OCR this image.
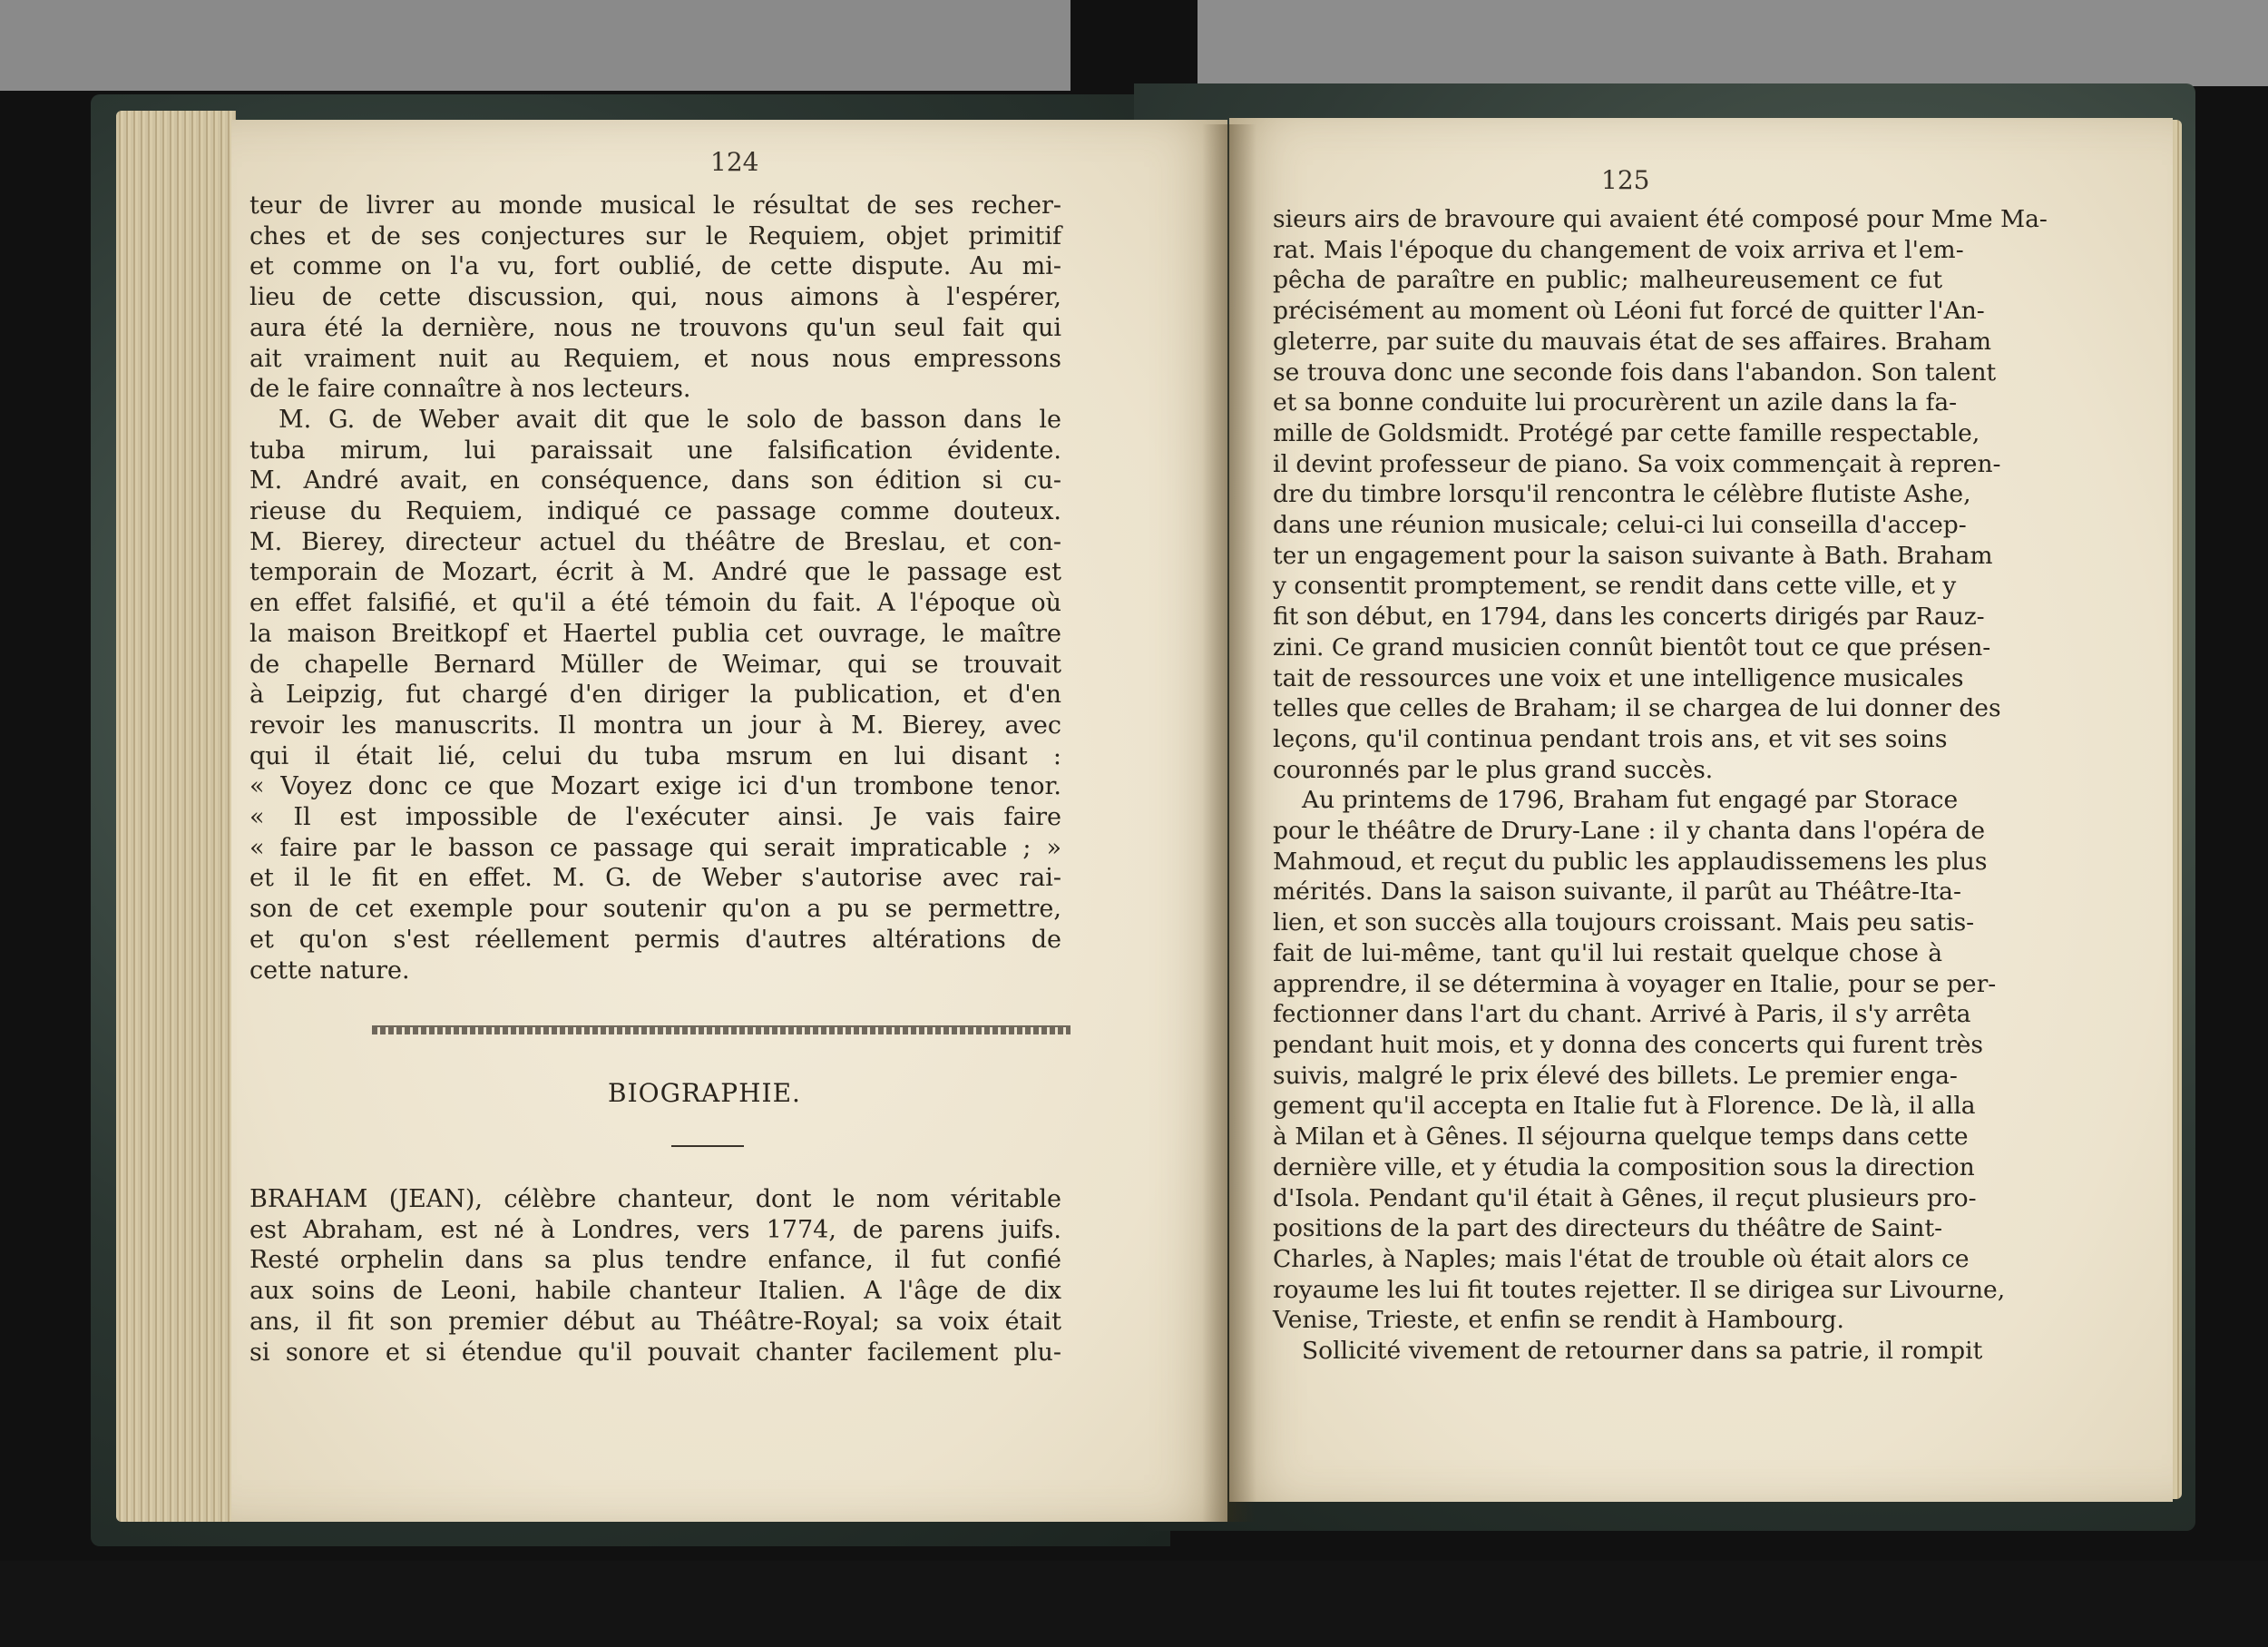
124
125
teur de livrer au monde musical le résultat de ses recher-
ches et de ses conjectures sur le Requiem, objet primitif
et comme on l'a vu, fort oublié, de cette dispute. Au mi-
lieu de cette discussion, qui, nous aimons à l'espérer,
aura été la dernière, nous ne trouvons qu'un seul fait qui
ait vraiment nuit au Requiem, et nous nous empressons
de le faire connaître à nos lecteurs.
M. G. de Weber avait dit que le solo de basson dans le
tuba mirum, lui paraissait une falsification évidente.
M. André avait, en conséquence, dans son édition si cu-
rieuse du Requiem, indiqué ce passage comme douteux.
M. Bierey, directeur actuel du théâtre de Breslau, et con-
temporain de Mozart, écrit à M. André que le passage est
en effet falsifié, et qu'il a été témoin du fait. A l'époque où
la maison Breitkopf et Haertel publia cet ouvrage, le maître
de chapelle Bernard Müller de Weimar, qui se trouvait
à Leipzig, fut chargé d'en diriger la publication, et d'en
revoir les manuscrits. Il montra un jour à M. Bierey, avec
qui il était lié, celui du tuba msrum en lui disant :
« Voyez donc ce que Mozart exige ici d'un trombone tenor.
« Il est impossible de l'exécuter ainsi. Je vais faire
« faire par le basson ce passage qui serait impraticable ; »
et il le fit en effet. M. G. de Weber s'autorise avec rai-
son de cet exemple pour soutenir qu'on a pu se permettre,
et qu'on s'est réellement permis d'autres altérations de
cette nature.
BIOGRAPHIE.
BRAHAM (JEAN), célèbre chanteur, dont le nom véritable
est Abraham, est né à Londres, vers 1774, de parens juifs.
Resté orphelin dans sa plus tendre enfance, il fut confié
aux soins de Leoni, habile chanteur Italien. A l'âge de dix
ans, il fit son premier début au Théâtre-Royal; sa voix était
si sonore et si étendue qu'il pouvait chanter facilement plu-
sieurs airs de bravoure qui avaient été composé pour Mme Ma-
rat. Mais l'époque du changement de voix arriva et l'em-
pêcha de paraître en public; malheureusement ce fut
précisément au moment où Léoni fut forcé de quitter l'An-
gleterre, par suite du mauvais état de ses affaires. Braham
se trouva donc une seconde fois dans l'abandon. Son talent
et sa bonne conduite lui procurèrent un azile dans la fa-
mille de Goldsmidt. Protégé par cette famille respectable,
il devint professeur de piano. Sa voix commençait à repren-
dre du timbre lorsqu'il rencontra le célèbre flutiste Ashe,
dans une réunion musicale; celui-ci lui conseilla d'accep-
ter un engagement pour la saison suivante à Bath. Braham
y consentit promptement, se rendit dans cette ville, et y
fit son début, en 1794, dans les concerts dirigés par Rauz-
zini. Ce grand musicien connût bientôt tout ce que présen-
tait de ressources une voix et une intelligence musicales
telles que celles de Braham; il se chargea de lui donner des
leçons, qu'il continua pendant trois ans, et vit ses soins
couronnés par le plus grand succès.
Au printems de 1796, Braham fut engagé par Storace
pour le théâtre de Drury-Lane : il y chanta dans l'opéra de
Mahmoud, et reçut du public les applaudissemens les plus
mérités. Dans la saison suivante, il parût au Théâtre-Ita-
lien, et son succès alla toujours croissant. Mais peu satis-
fait de lui-même, tant qu'il lui restait quelque chose à
apprendre, il se détermina à voyager en Italie, pour se per-
fectionner dans l'art du chant. Arrivé à Paris, il s'y arrêta
pendant huit mois, et y donna des concerts qui furent très
suivis, malgré le prix élevé des billets. Le premier enga-
gement qu'il accepta en Italie fut à Florence. De là, il alla
à Milan et à Gênes. Il séjourna quelque temps dans cette
dernière ville, et y étudia la composition sous la direction
d'Isola. Pendant qu'il était à Gênes, il reçut plusieurs pro-
positions de la part des directeurs du théâtre de Saint-
Charles, à Naples; mais l'état de trouble où était alors ce
royaume les lui fit toutes rejetter. Il se dirigea sur Livourne,
Venise, Trieste, et enfin se rendit à Hambourg.
Sollicité vivement de retourner dans sa patrie, il rompit
